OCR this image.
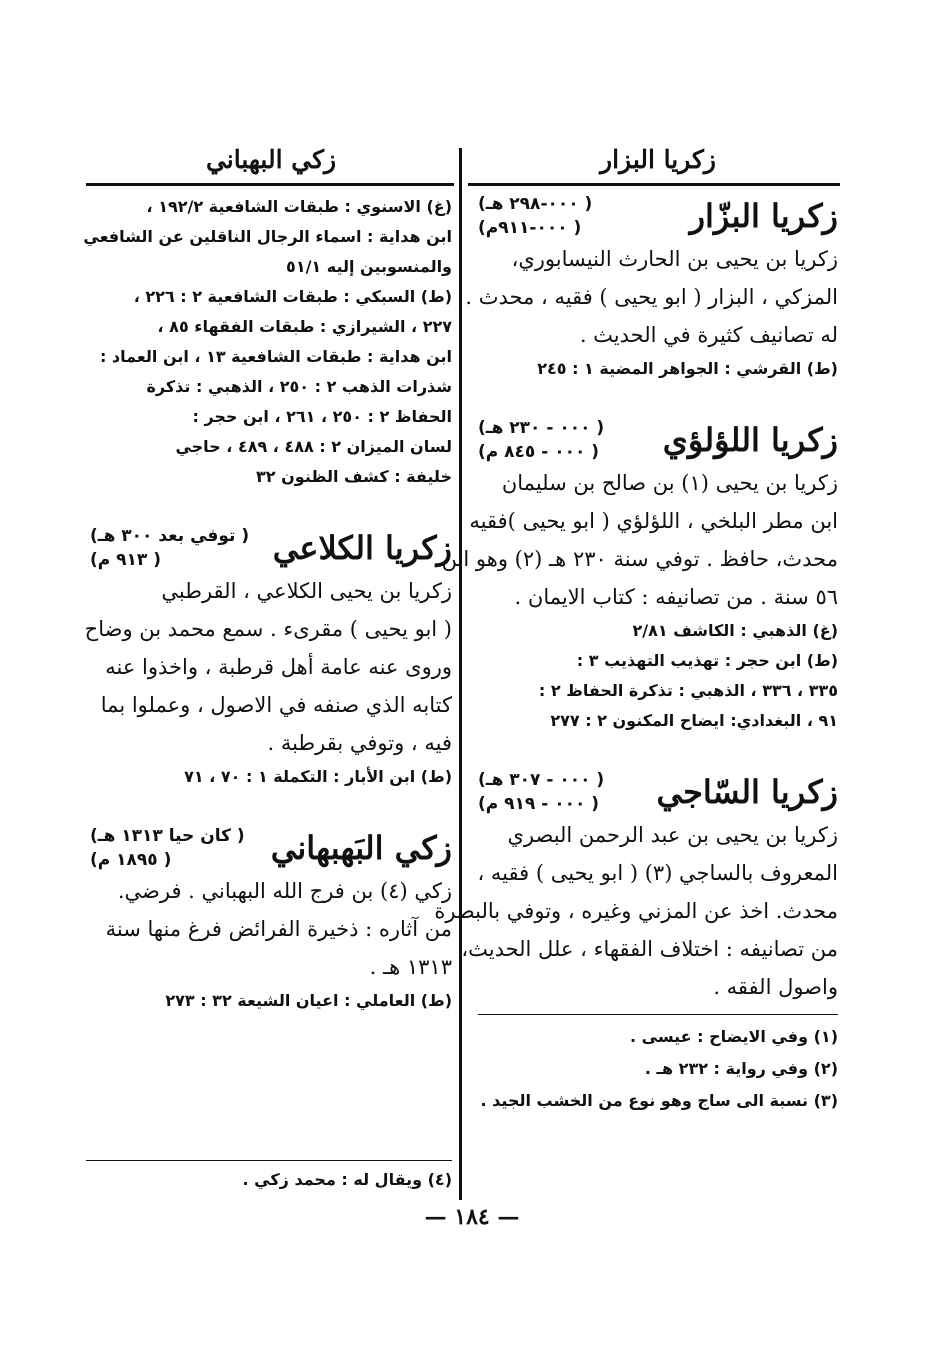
زكريا البزار
زكريا البزّار
( ٠٠٠-٢٩٨ هـ)
( ٠٠٠-٩١١م)
زكريا بن يحيى بن الحارث النيسابوري،
المزكي ، البزار ( ابو يحيى ) فقيه ، محدث .
له تصانيف كثيرة في الحديث .
(ط) القرشي : الجواهر المضية ١ : ٢٤٥
زكريا اللؤلؤي
( ٠٠٠ - ٢٣٠ هـ)
( ٠٠٠ - ٨٤٥ م)
زكريا بن يحيى (١) بن صالح بن سليمان
ابن مطر البلخي ، اللؤلؤي ( ابو يحيى )فقيه
محدث، حافظ . توفي سنة ٢٣٠ هـ (٢) وهو ابن
٥٦ سنة . من تصانيفه : كتاب الايمان .
(غ) الذهبي : الكاشف ٢/٨١
(ط) ابن حجر : تهذيب التهذيب ٣ :
٣٣٥ ، ٣٣٦ ، الذهبي : تذكرة الحفاظ ٢ :
٩١ ، البغدادي: ايضاح المكنون ٢ : ٢٧٧
زكريا السّاجي
( ٠٠٠ - ٣٠٧ هـ)
( ٠٠٠ - ٩١٩ م)
زكريا بن يحيى بن عبد الرحمن البصري
المعروف بالساجي (٣) ( ابو يحيى ) فقيه ،
محدث. اخذ عن المزني وغيره ، وتوفي بالبصرة
من تصانيفه : اختلاف الفقهاء ، علل الحديث،
واصول الفقه .
(١) وفي الايضاح : عيسى .
(٢) وفي رواية : ٢٣٢ هـ .
(٣) نسبة الى ساج وهو نوع من الخشب الجيد .
زكي البهباني
(غ) الاسنوي : طبقات الشافعية ١٩٢/٢ ،
ابن هداية : اسماء الرجال الناقلين عن الشافعي
والمنسوبين إليه ٥١/١
(ط) السبكي : طبقات الشافعية ٢ : ٢٢٦ ،
٢٢٧ ، الشيرازي : طبقات الفقهاء ٨٥ ،
ابن هداية : طبقات الشافعية ١٣ ، ابن العماد :
شذرات الذهب ٢ : ٢٥٠ ، الذهبي : تذكرة
الحفاظ ٢ : ٢٥٠ ، ٢٦١ ، ابن حجر :
لسان الميزان ٢ : ٤٨٨ ، ٤٨٩ ، حاجي
خليفة : كشف الظنون ٣٢
زكريا الكلاعي
( توفي بعد ٣٠٠ هـ)
( ٩١٣ م)
زكريا بن يحيى الكلاعي ، القرطبي
( ابو يحيى ) مقرىء . سمع محمد بن وضاح
وروى عنه عامة أهل قرطبة ، واخذوا عنه
كتابه الذي صنفه في الاصول ، وعملوا بما
فيه ، وتوفي بقرطبة .
(ط) ابن الأبار : التكملة ١ : ٧٠ ، ٧١
زكي البَهبهاني
( كان حيا ١٣١٣ هـ)
( ١٨٩٥ م)
زكي (٤) بن فرج الله البهباني . فرضي.
من آثاره : ذخيرة الفرائض فرغ منها سنة
١٣١٣ هـ .
(ط) العاملي : اعيان الشيعة ٣٢ : ٢٧٣
(٤) ويقال له : محمد زكي .
— ١٨٤ —
